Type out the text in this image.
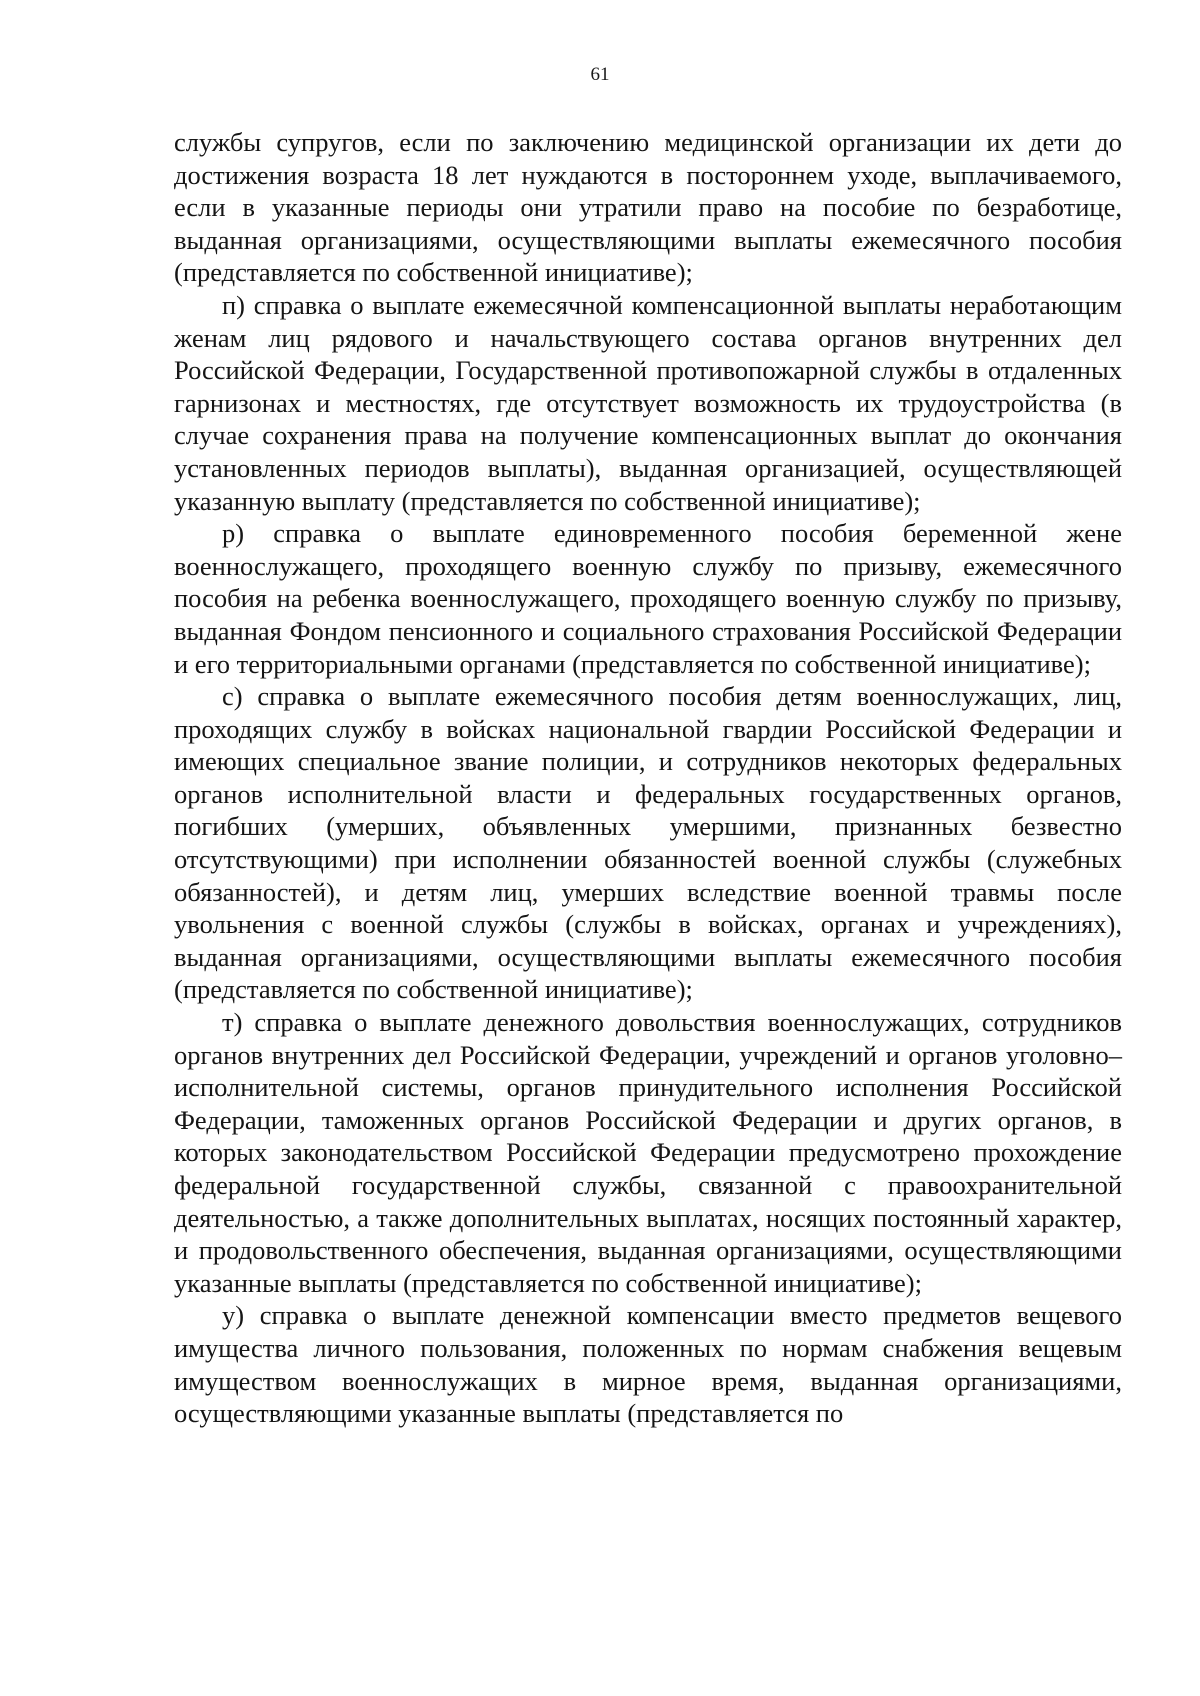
61

службы супругов, если по заключению медицинской организации их дети до достижения возраста 18 лет нуждаются в постороннем уходе, выплачиваемого, если в указанные периоды они утратили право на пособие по безработице, выданная организациями, осуществляющими выплаты ежемесячного пособия (представляется по собственной инициативе);

п) справка о выплате ежемесячной компенсационной выплаты неработающим женам лиц рядового и начальствующего состава органов внутренних дел Российской Федерации, Государственной противопожарной службы в отдаленных гарнизонах и местностях, где отсутствует возможность их трудоустройства (в случае сохранения права на получение компенсационных выплат до окончания установленных периодов выплаты), выданная организацией, осуществляющей указанную выплату (представляется по собственной инициативе);

р) справка о выплате единовременного пособия беременной жене военнослужащего, проходящего военную службу по призыву, ежемесячного пособия на ребенка военнослужащего, проходящего военную службу по призыву, выданная Фондом пенсионного и социального страхования Российской Федерации и его территориальными органами (представляется по собственной инициативе);

с) справка о выплате ежемесячного пособия детям военнослужащих, лиц, проходящих службу в войсках национальной гвардии Российской Федерации и имеющих специальное звание полиции, и сотрудников некоторых федеральных органов исполнительной власти и федеральных государственных органов, погибших (умерших, объявленных умершими, признанных безвестно отсутствующими) при исполнении обязанностей военной службы (служебных обязанностей), и детям лиц, умерших вследствие военной травмы после увольнения с военной службы (службы в войсках, органах и учреждениях), выданная организациями, осуществляющими выплаты ежемесячного пособия (представляется по собственной инициативе);

т) справка о выплате денежного довольствия военнослужащих, сотрудников органов внутренних дел Российской Федерации, учреждений и органов уголовно–исполнительной системы, органов принудительного исполнения Российской Федерации, таможенных органов Российской Федерации и других органов, в которых законодательством Российской Федерации предусмотрено прохождение федеральной государственной службы, связанной с правоохранительной деятельностью, а также дополнительных выплатах, носящих постоянный характер, и продовольственного обеспечения, выданная организациями, осуществляющими указанные выплаты (представляется по собственной инициативе);

у) справка о выплате денежной компенсации вместо предметов вещевого имущества личного пользования, положенных по нормам снабжения вещевым имуществом военнослужащих в мирное время, выданная организациями, осуществляющими указанные выплаты (представляется по
